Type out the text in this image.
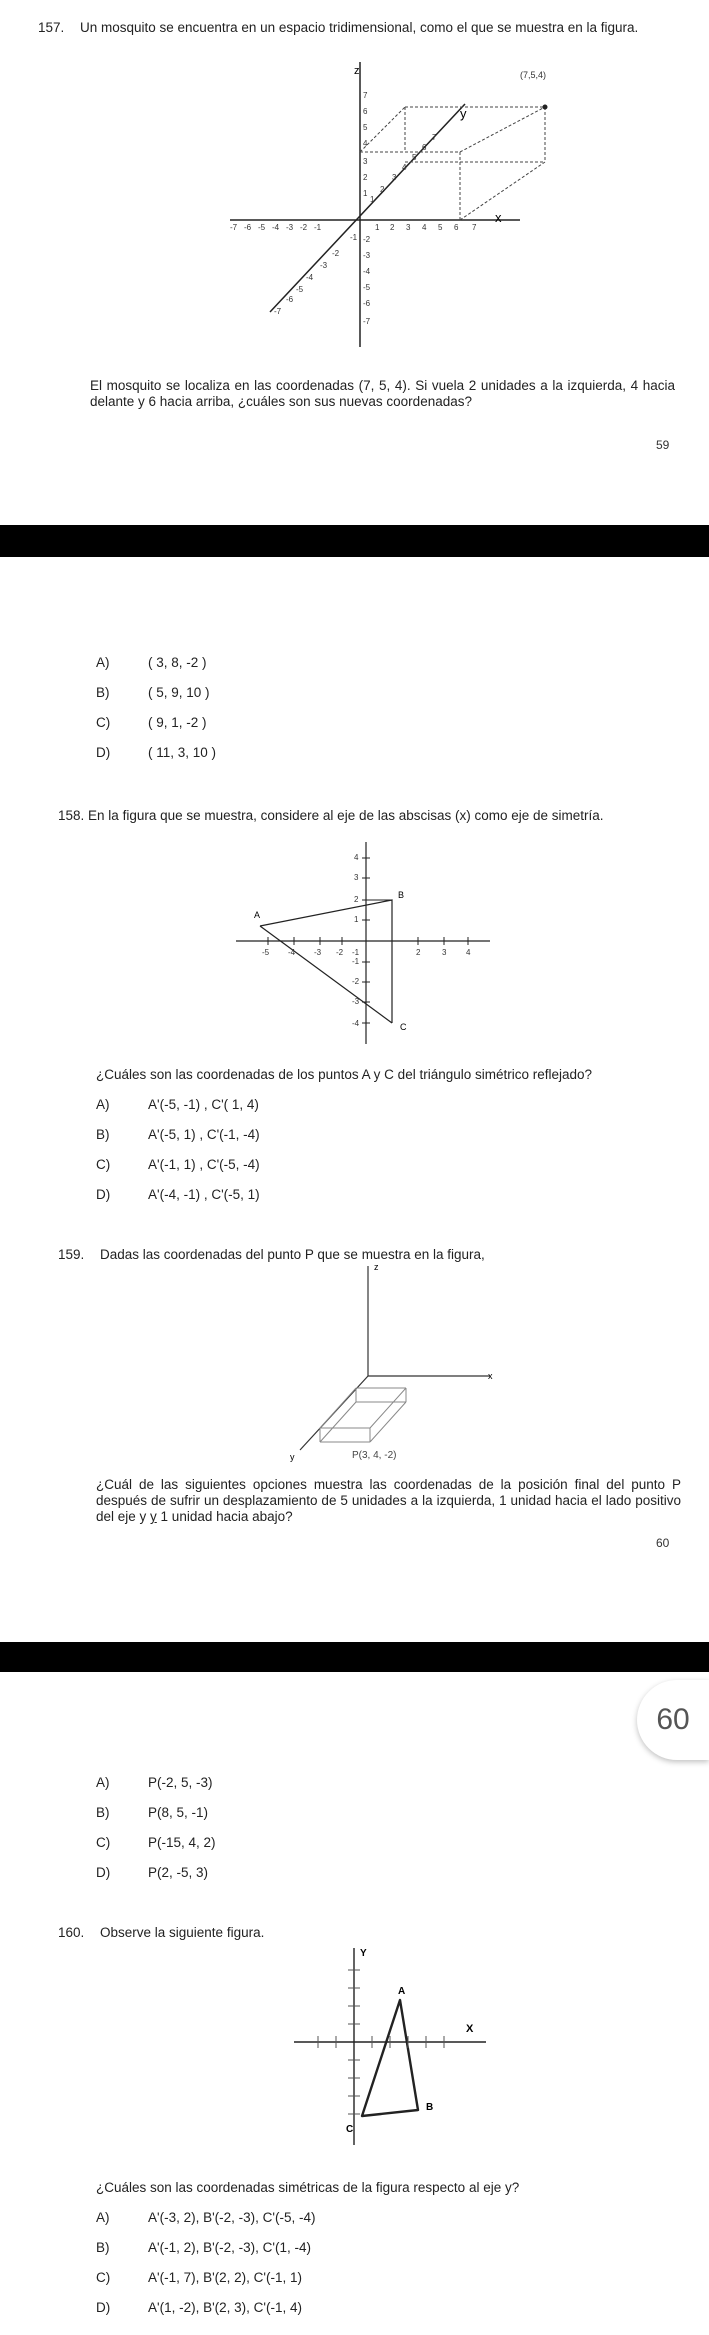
157. Un mosquito se encuentra en un espacio tridimensional, como el que se muestra en la figura.
(7,5,4)
z
y
x
7
6
5
4
3
2
1
-2
-3
-4
-5
-6
-7
-7 -6 -5 -4 -3 -2 -1	1 2 3 4 5 6 7
-1
-2
-3
-4
-5
-6
-7
1
2
3
4
5
6
7
El mosquito se localiza en las coordenadas (7, 5, 4). Si vuela 2 unidades a la izquierda, 4 hacia delante y 6 hacia arriba, ¿cuáles son sus nuevas coordenadas?
59
A)	( 3, 8, -2 )
B)	( 5, 9, 10 )
C)	( 9, 1, -2 )
D)	( 11, 3, 10 )
158. En la figura que se muestra, considere al eje de las abscisas (x) como eje de simetría.
-5 -4 -3 -2 -1	2	3 4
4
3
2
1
-1
-2
-3
-4
A
B
C
¿Cuáles son las coordenadas de los puntos A y C del triángulo simétrico reflejado?
A)	A'(-5, -1) , C'( 1, 4)
B)	A'(-5, 1) , C'(-1, -4)
C)	A'(-1, 1) , C'(-5, -4)
D)	A'(-4, -1) , C'(-5, 1)
159. Dadas las coordenadas del punto P que se muestra en la figura,
z
x
y	P(3, 4, -2)
¿Cuál de las siguientes opciones muestra las coordenadas de la posición final del punto P después de sufrir un desplazamiento de 5 unidades a la izquierda, 1 unidad hacia el lado positivo del eje y y 1 unidad hacia abajo?
60
60
A)	P(-2, 5, -3)
B)	P(8, 5, -1)
C)	P(-15, 4, 2)
D)	P(2, -5, 3)
160. Observe la siguiente figura.
Y
X
A
B
C
¿Cuáles son las coordenadas simétricas de la figura respecto al eje y?
A)	A'(-3, 2), B'(-2, -3), C'(-5, -4)
B)	A'(-1, 2), B'(-2, -3), C'(1, -4)
C)	A'(-1, 7), B'(2, 2), C'(-1, 1)
D)	A'(1, -2), B'(2, 3), C'(-1, 4)
